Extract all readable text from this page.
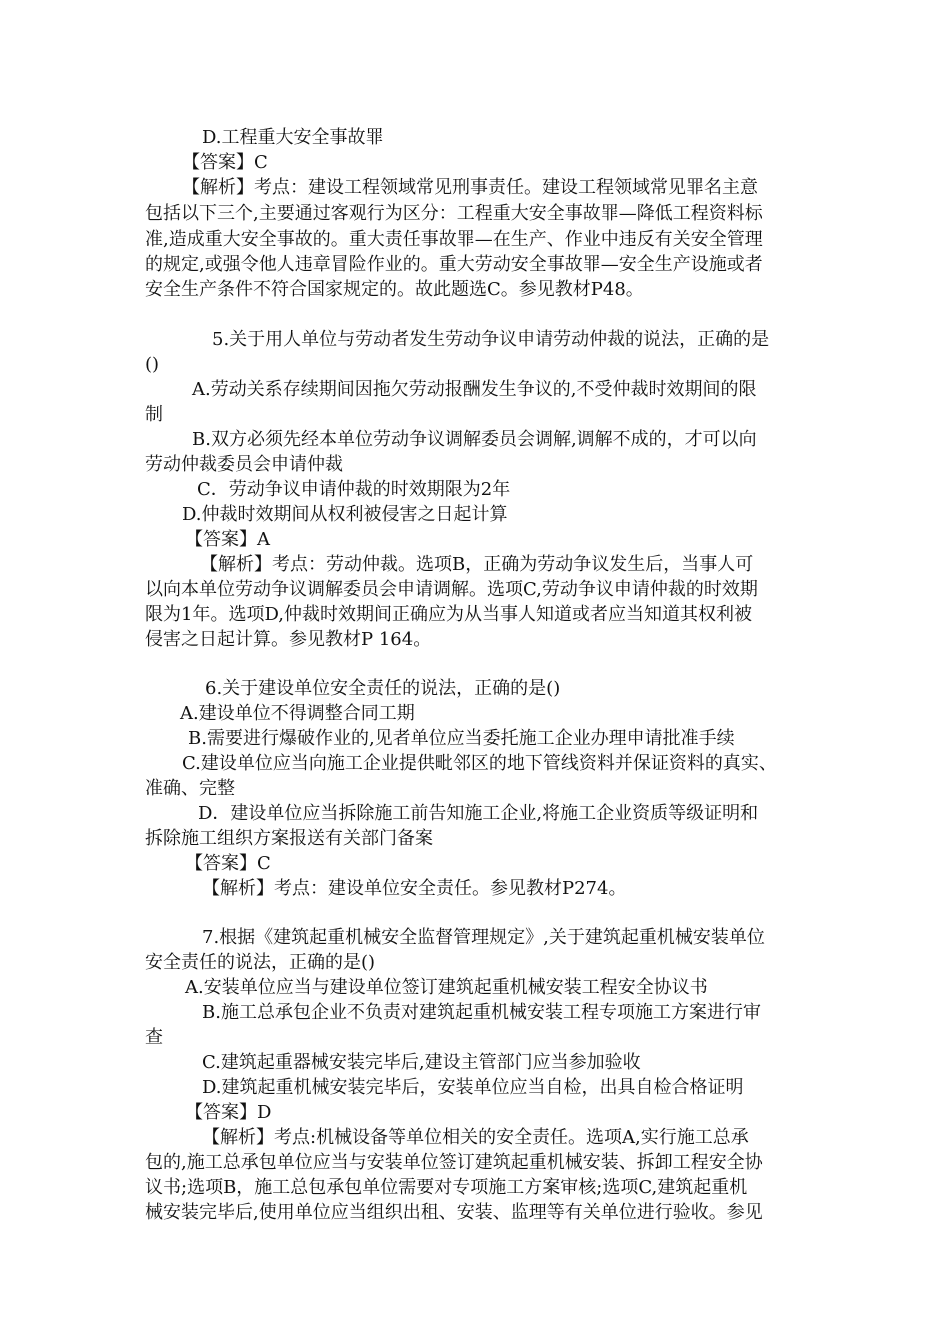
D.工程重大安全事故罪

【答案】C

【解析】考点：建设工程领域常见刑事责任。建设工程领域常见罪名主意

包括以下三个,主要通过客观行为区分：工程重大安全事故罪—降低工程资料标

准,造成重大安全事故的。重大责任事故罪—在生产、作业中违反有关安全管理

的规定,或强令他人违章冒险作业的。重大劳动安全事故罪—安全生产设施或者

安全生产条件不符合国家规定的。故此题选C。参见教材P48。

5.关于用人单位与劳动者发生劳动争议申请劳动仲裁的说法，正确的是

()

A.劳动关系存续期间因拖欠劳动报酬发生争议的,不受仲裁时效期间的限

制

B.双方必须先经本单位劳动争议调解委员会调解,调解不成的，才可以向

劳动仲裁委员会申请仲裁

C．劳动争议申请仲裁的时效期限为2年

D.仲裁时效期间从权利被侵害之日起计算

【答案】A

【解析】考点：劳动仲裁。选项B，正确为劳动争议发生后，当事人可

以向本单位劳动争议调解委员会申请调解。选项C,劳动争议申请仲裁的时效期

限为1年。选项D,仲裁时效期间正确应为从当事人知道或者应当知道其权利被

侵害之日起计算。参见教材P 164。

6.关于建设单位安全责任的说法，正确的是()

A.建设单位不得调整合同工期

B.需要进行爆破作业的,见者单位应当委托施工企业办理申请批准手续

C.建设单位应当向施工企业提供毗邻区的地下管线资料并保证资料的真实、

准确、完整

D．建设单位应当拆除施工前告知施工企业,将施工企业资质等级证明和

拆除施工组织方案报送有关部门备案

【答案】C

【解析】考点：建设单位安全责任。参见教材P274。

7.根据《建筑起重机械安全监督管理规定》,关于建筑起重机械安装单位

安全责任的说法，正确的是()

A.安装单位应当与建设单位签订建筑起重机械安装工程安全协议书

B.施工总承包企业不负责对建筑起重机械安装工程专项施工方案进行审

查

C.建筑起重器械安装完毕后,建设主管部门应当参加验收

D.建筑起重机械安装完毕后，安装单位应当自检，出具自检合格证明

【答案】D

【解析】考点:机械设备等单位相关的安全责任。选项A,实行施工总承

包的,施工总承包单位应当与安装单位签订建筑起重机械安装、拆卸工程安全协

议书;选项B，施工总包承包单位需要对专项施工方案审核;选项C,建筑起重机

械安装完毕后,使用单位应当组织出租、安装、监理等有关单位进行验收。参见
